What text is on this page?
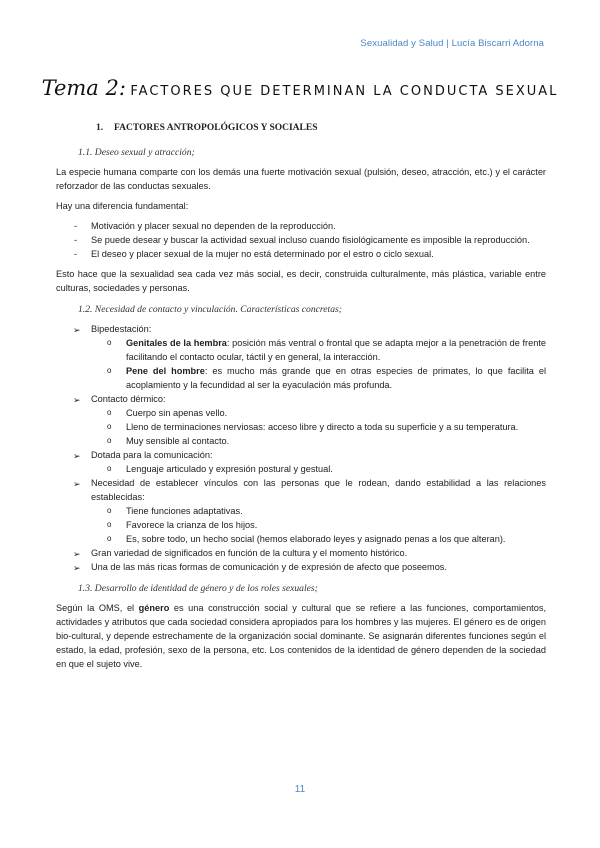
Sexualidad y Salud | Lucía Biscarri Adorna
Tema 2: FACTORES QUE DETERMINAN LA CONDUCTA SEXUAL
1. FACTORES ANTROPOLÓGICOS Y SOCIALES
1.1. Deseo sexual y atracción;
La especie humana comparte con los demás una fuerte motivación sexual (pulsión, deseo, atracción, etc.) y el carácter reforzador de las conductas sexuales.
Hay una diferencia fundamental:
- Motivación y placer sexual no dependen de la reproducción.
- Se puede desear y buscar la actividad sexual incluso cuando fisiológicamente es imposible la reproducción.
- El deseo y placer sexual de la mujer no está determinado por el estro o ciclo sexual.
Esto hace que la sexualidad sea cada vez más social, es decir, construida culturalmente, más plástica, variable entre culturas, sociedades y personas.
1.2. Necesidad de contacto y vinculación. Características concretas;
➢ Bipedestación:
o Genitales de la hembra: posición más ventral o frontal que se adapta mejor a la penetración de frente facilitando el contacto ocular, táctil y en general, la interacción.
o Pene del hombre: es mucho más grande que en otras especies de primates, lo que facilita el acoplamiento y la fecundidad al ser la eyaculación más profunda.
➢ Contacto dérmico:
o Cuerpo sin apenas vello.
o Lleno de terminaciones nerviosas: acceso libre y directo a toda su superficie y a su temperatura.
o Muy sensible al contacto.
➢ Dotada para la comunicación:
o Lenguaje articulado y expresión postural y gestual.
➢ Necesidad de establecer vínculos con las personas que le rodean, dando estabilidad a las relaciones establecidas:
o Tiene funciones adaptativas.
o Favorece la crianza de los hijos.
o Es, sobre todo, un hecho social (hemos elaborado leyes y asignado penas a los que alteran).
➢ Gran variedad de significados en función de la cultura y el momento histórico.
➢ Una de las más ricas formas de comunicación y de expresión de afecto que poseemos.
1.3. Desarrollo de identidad de género y de los roles sexuales;
Según la OMS, el género es una construcción social y cultural que se refiere a las funciones, comportamientos, actividades y atributos que cada sociedad considera apropiados para los hombres y las mujeres. El género es de origen bio-cultural, y depende estrechamente de la organización social dominante. Se asignarán diferentes funciones según el estado, la edad, profesión, sexo de la persona, etc. Los contenidos de la identidad de género dependen de la sociedad en que el sujeto vive.
11
